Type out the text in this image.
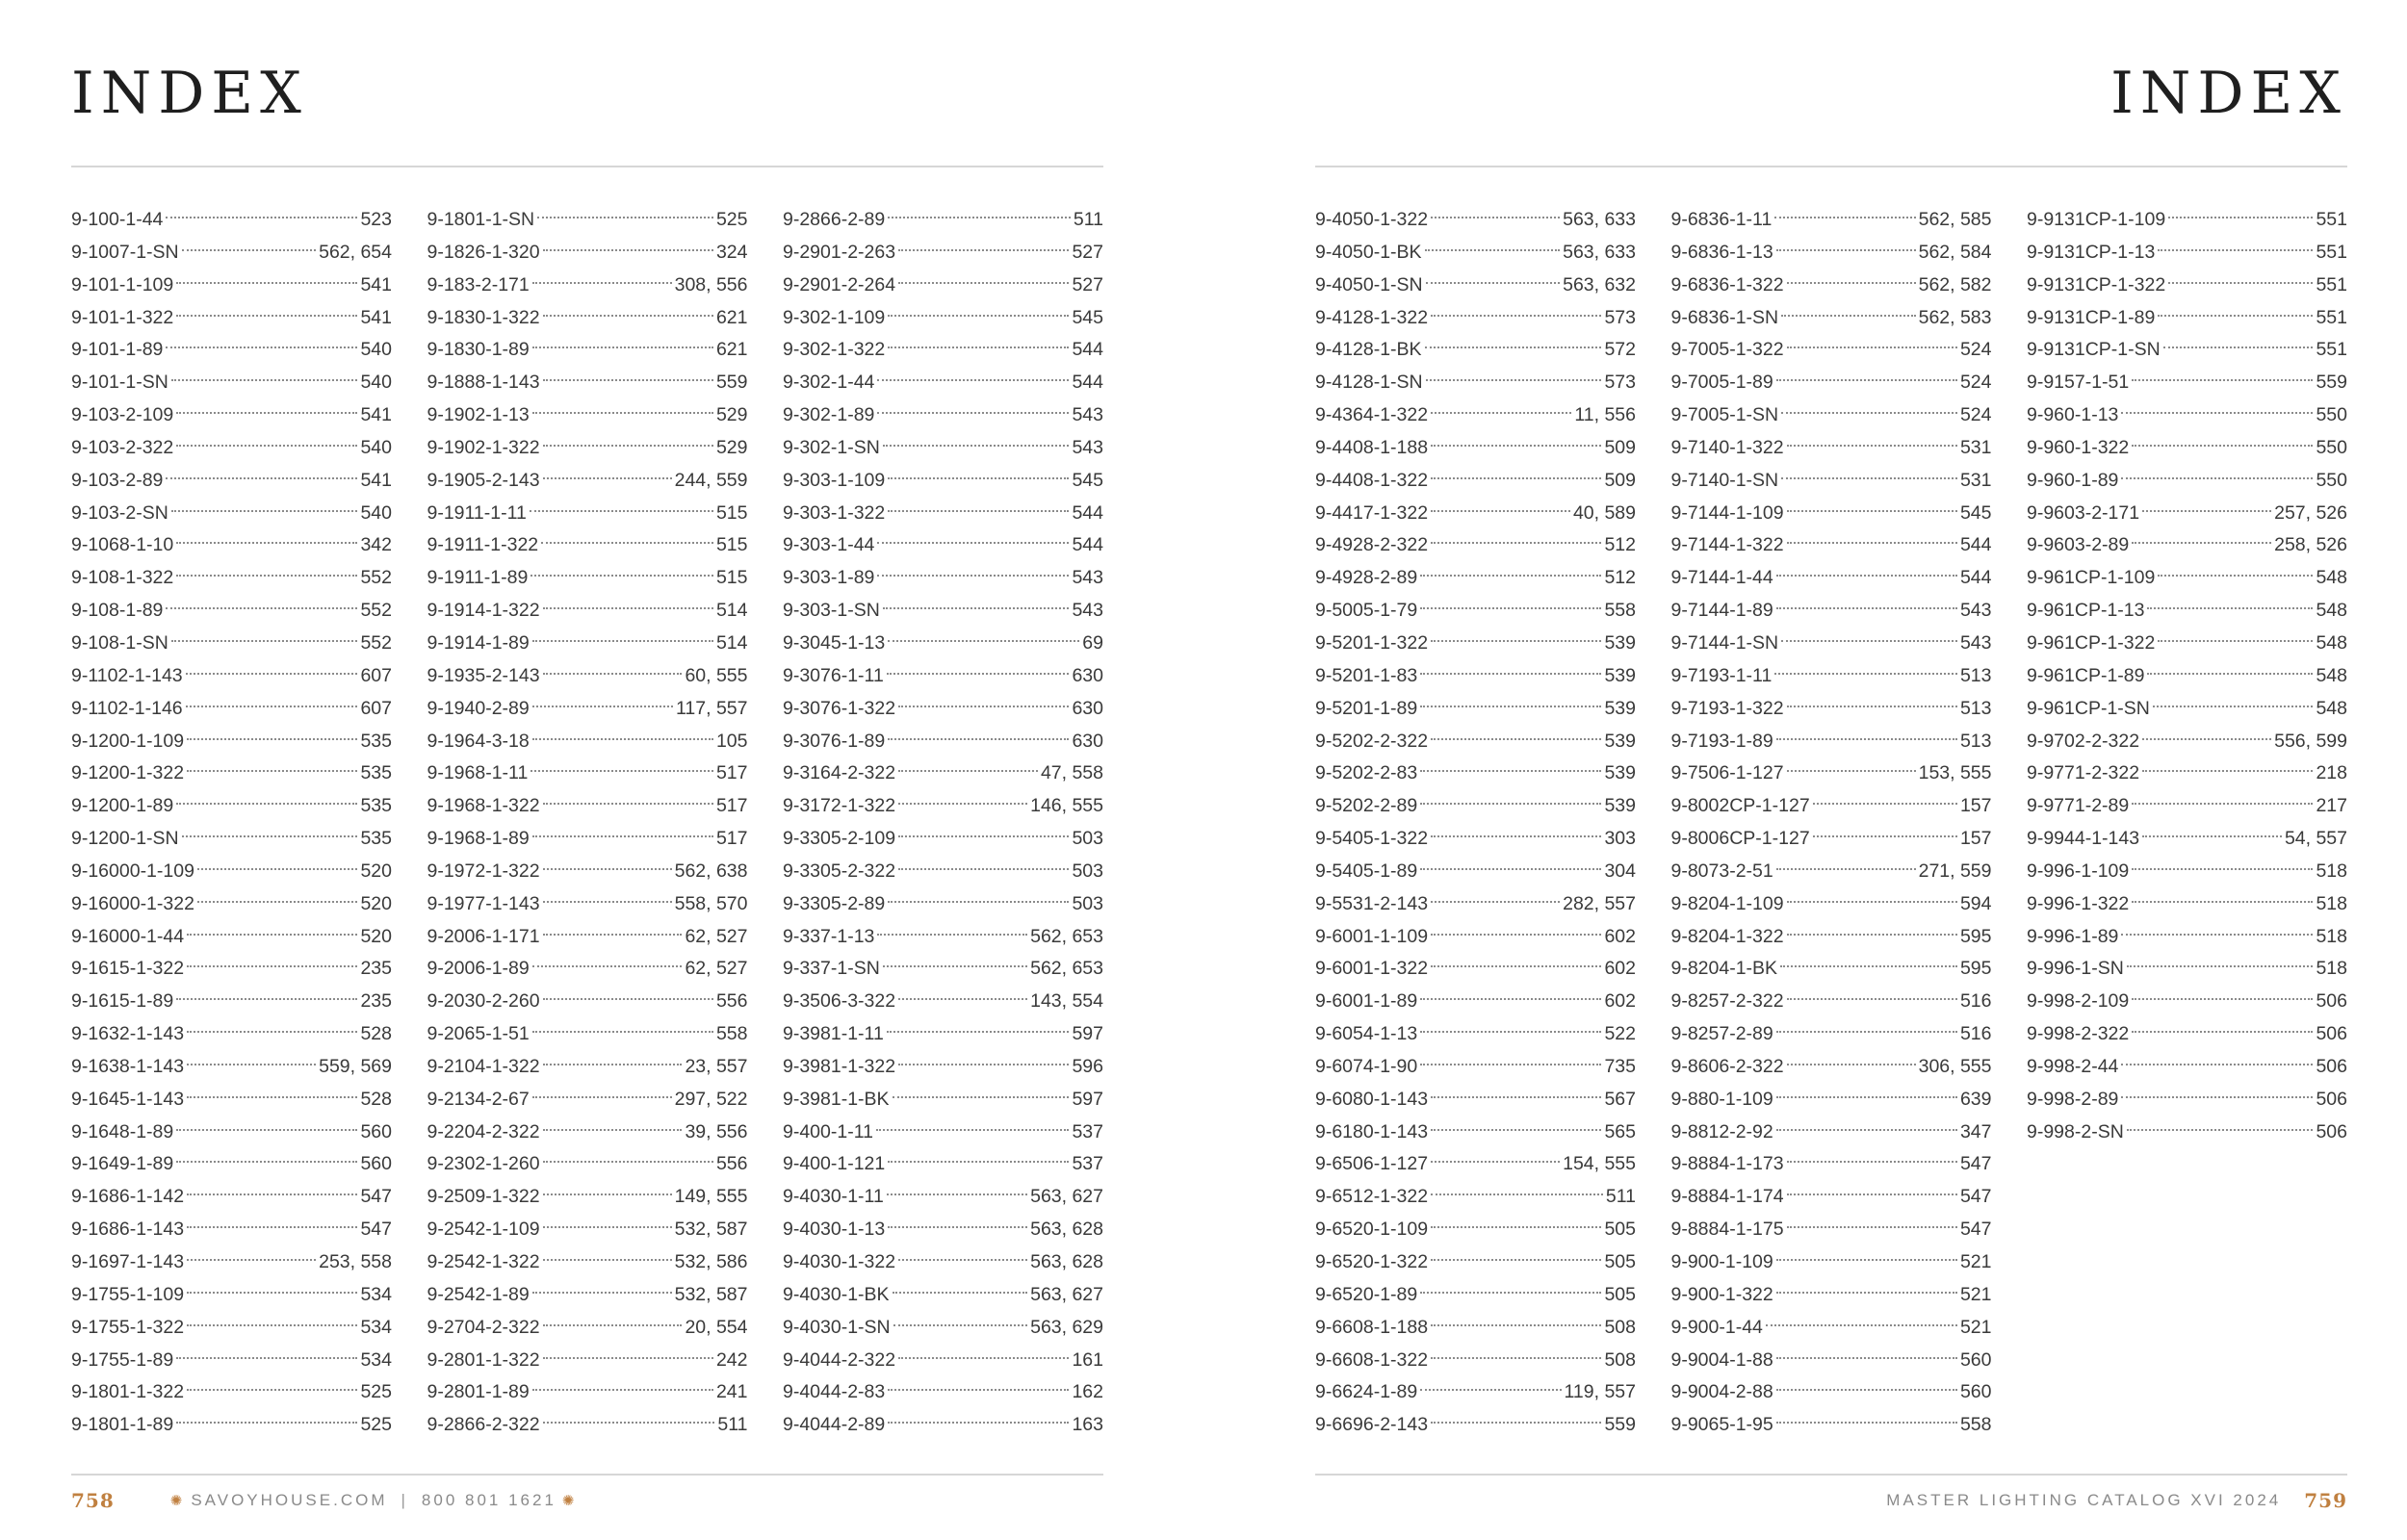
INDEX
9-100-1-44	523
9-1007-1-SN	562, 654
9-101-1-109	541
9-101-1-322	541
9-101-1-89	540
9-101-1-SN	540
9-103-2-109	541
9-103-2-322	540
9-103-2-89	541
9-103-2-SN	540
9-1068-1-10	342
9-108-1-322	552
9-108-1-89	552
9-108-1-SN	552
9-1102-1-143	607
9-1102-1-146	607
9-1200-1-109	535
9-1200-1-322	535
9-1200-1-89	535
9-1200-1-SN	535
9-16000-1-109	520
9-16000-1-322	520
9-16000-1-44	520
9-1615-1-322	235
9-1615-1-89	235
9-1632-1-143	528
9-1638-1-143	559, 569
9-1645-1-143	528
9-1648-1-89	560
9-1649-1-89	560
9-1686-1-142	547
9-1686-1-143	547
9-1697-1-143	253, 558
9-1755-1-109	534
9-1755-1-322	534
9-1755-1-89	534
9-1801-1-322	525
9-1801-1-89	525
9-1801-1-SN	525
9-1826-1-320	324
9-183-2-171	308, 556
9-1830-1-322	621
9-1830-1-89	621
9-1888-1-143	559
9-1902-1-13	529
9-1902-1-322	529
9-1905-2-143	244, 559
9-1911-1-11	515
9-1911-1-322	515
9-1911-1-89	515
9-1914-1-322	514
9-1914-1-89	514
9-1935-2-143	60, 555
9-1940-2-89	117, 557
9-1964-3-18	105
9-1968-1-11	517
9-1968-1-322	517
9-1968-1-89	517
9-1972-1-322	562, 638
9-1977-1-143	558, 570
9-2006-1-171	62, 527
9-2006-1-89	62, 527
9-2030-2-260	556
9-2065-1-51	558
9-2104-1-322	23, 557
9-2134-2-67	297, 522
9-2204-2-322	39, 556
9-2302-1-260	556
9-2509-1-322	149, 555
9-2542-1-109	532, 587
9-2542-1-322	532, 586
9-2542-1-89	532, 587
9-2704-2-322	20, 554
9-2801-1-322	242
9-2801-1-89	241
9-2866-2-322	511
9-2866-2-89	511
9-2901-2-263	527
9-2901-2-264	527
9-302-1-109	545
9-302-1-322	544
9-302-1-44	544
9-302-1-89	543
9-302-1-SN	543
9-303-1-109	545
9-303-1-322	544
9-303-1-44	544
9-303-1-89	543
9-303-1-SN	543
9-3045-1-13	69
9-3076-1-11	630
9-3076-1-322	630
9-3076-1-89	630
9-3164-2-322	47, 558
9-3172-1-322	146, 555
9-3305-2-109	503
9-3305-2-322	503
9-3305-2-89	503
9-337-1-13	562, 653
9-337-1-SN	562, 653
9-3506-3-322	143, 554
9-3981-1-11	597
9-3981-1-322	596
9-3981-1-BK	597
9-400-1-11	537
9-400-1-121	537
9-4030-1-11	563, 627
9-4030-1-13	563, 628
9-4030-1-322	563, 628
9-4030-1-BK	563, 627
9-4030-1-SN	563, 629
9-4044-2-322	161
9-4044-2-83	162
9-4044-2-89	163
758	✺ SAVOYHOUSE.COM | 800 801 1621 ✺
INDEX
9-4050-1-322	563, 633
9-4050-1-BK	563, 633
9-4050-1-SN	563, 632
9-4128-1-322	573
9-4128-1-BK	572
9-4128-1-SN	573
9-4364-1-322	11, 556
9-4408-1-188	509
9-4408-1-322	509
9-4417-1-322	40, 589
9-4928-2-322	512
9-4928-2-89	512
9-5005-1-79	558
9-5201-1-322	539
9-5201-1-83	539
9-5201-1-89	539
9-5202-2-322	539
9-5202-2-83	539
9-5202-2-89	539
9-5405-1-322	303
9-5405-1-89	304
9-5531-2-143	282, 557
9-6001-1-109	602
9-6001-1-322	602
9-6001-1-89	602
9-6054-1-13	522
9-6074-1-90	735
9-6080-1-143	567
9-6180-1-143	565
9-6506-1-127	154, 555
9-6512-1-322	511
9-6520-1-109	505
9-6520-1-322	505
9-6520-1-89	505
9-6608-1-188	508
9-6608-1-322	508
9-6624-1-89	119, 557
9-6696-2-143	559
9-6836-1-11	562, 585
9-6836-1-13	562, 584
9-6836-1-322	562, 582
9-6836-1-SN	562, 583
9-7005-1-322	524
9-7005-1-89	524
9-7005-1-SN	524
9-7140-1-322	531
9-7140-1-SN	531
9-7144-1-109	545
9-7144-1-322	544
9-7144-1-44	544
9-7144-1-89	543
9-7144-1-SN	543
9-7193-1-11	513
9-7193-1-322	513
9-7193-1-89	513
9-7506-1-127	153, 555
9-8002CP-1-127	157
9-8006CP-1-127	157
9-8073-2-51	271, 559
9-8204-1-109	594
9-8204-1-322	595
9-8204-1-BK	595
9-8257-2-322	516
9-8257-2-89	516
9-8606-2-322	306, 555
9-880-1-109	639
9-8812-2-92	347
9-8884-1-173	547
9-8884-1-174	547
9-8884-1-175	547
9-900-1-109	521
9-900-1-322	521
9-900-1-44	521
9-9004-1-88	560
9-9004-2-88	560
9-9065-1-95	558
9-9131CP-1-109	551
9-9131CP-1-13	551
9-9131CP-1-322	551
9-9131CP-1-89	551
9-9131CP-1-SN	551
9-9157-1-51	559
9-960-1-13	550
9-960-1-322	550
9-960-1-89	550
9-9603-2-171	257, 526
9-9603-2-89	258, 526
9-961CP-1-109	548
9-961CP-1-13	548
9-961CP-1-322	548
9-961CP-1-89	548
9-961CP-1-SN	548
9-9702-2-322	556, 599
9-9771-2-322	218
9-9771-2-89	217
9-9944-1-143	54, 557
9-996-1-109	518
9-996-1-322	518
9-996-1-89	518
9-996-1-SN	518
9-998-2-109	506
9-998-2-322	506
9-998-2-44	506
9-998-2-89	506
9-998-2-SN	506
MASTER LIGHTING CATALOG XVI 2024 759
